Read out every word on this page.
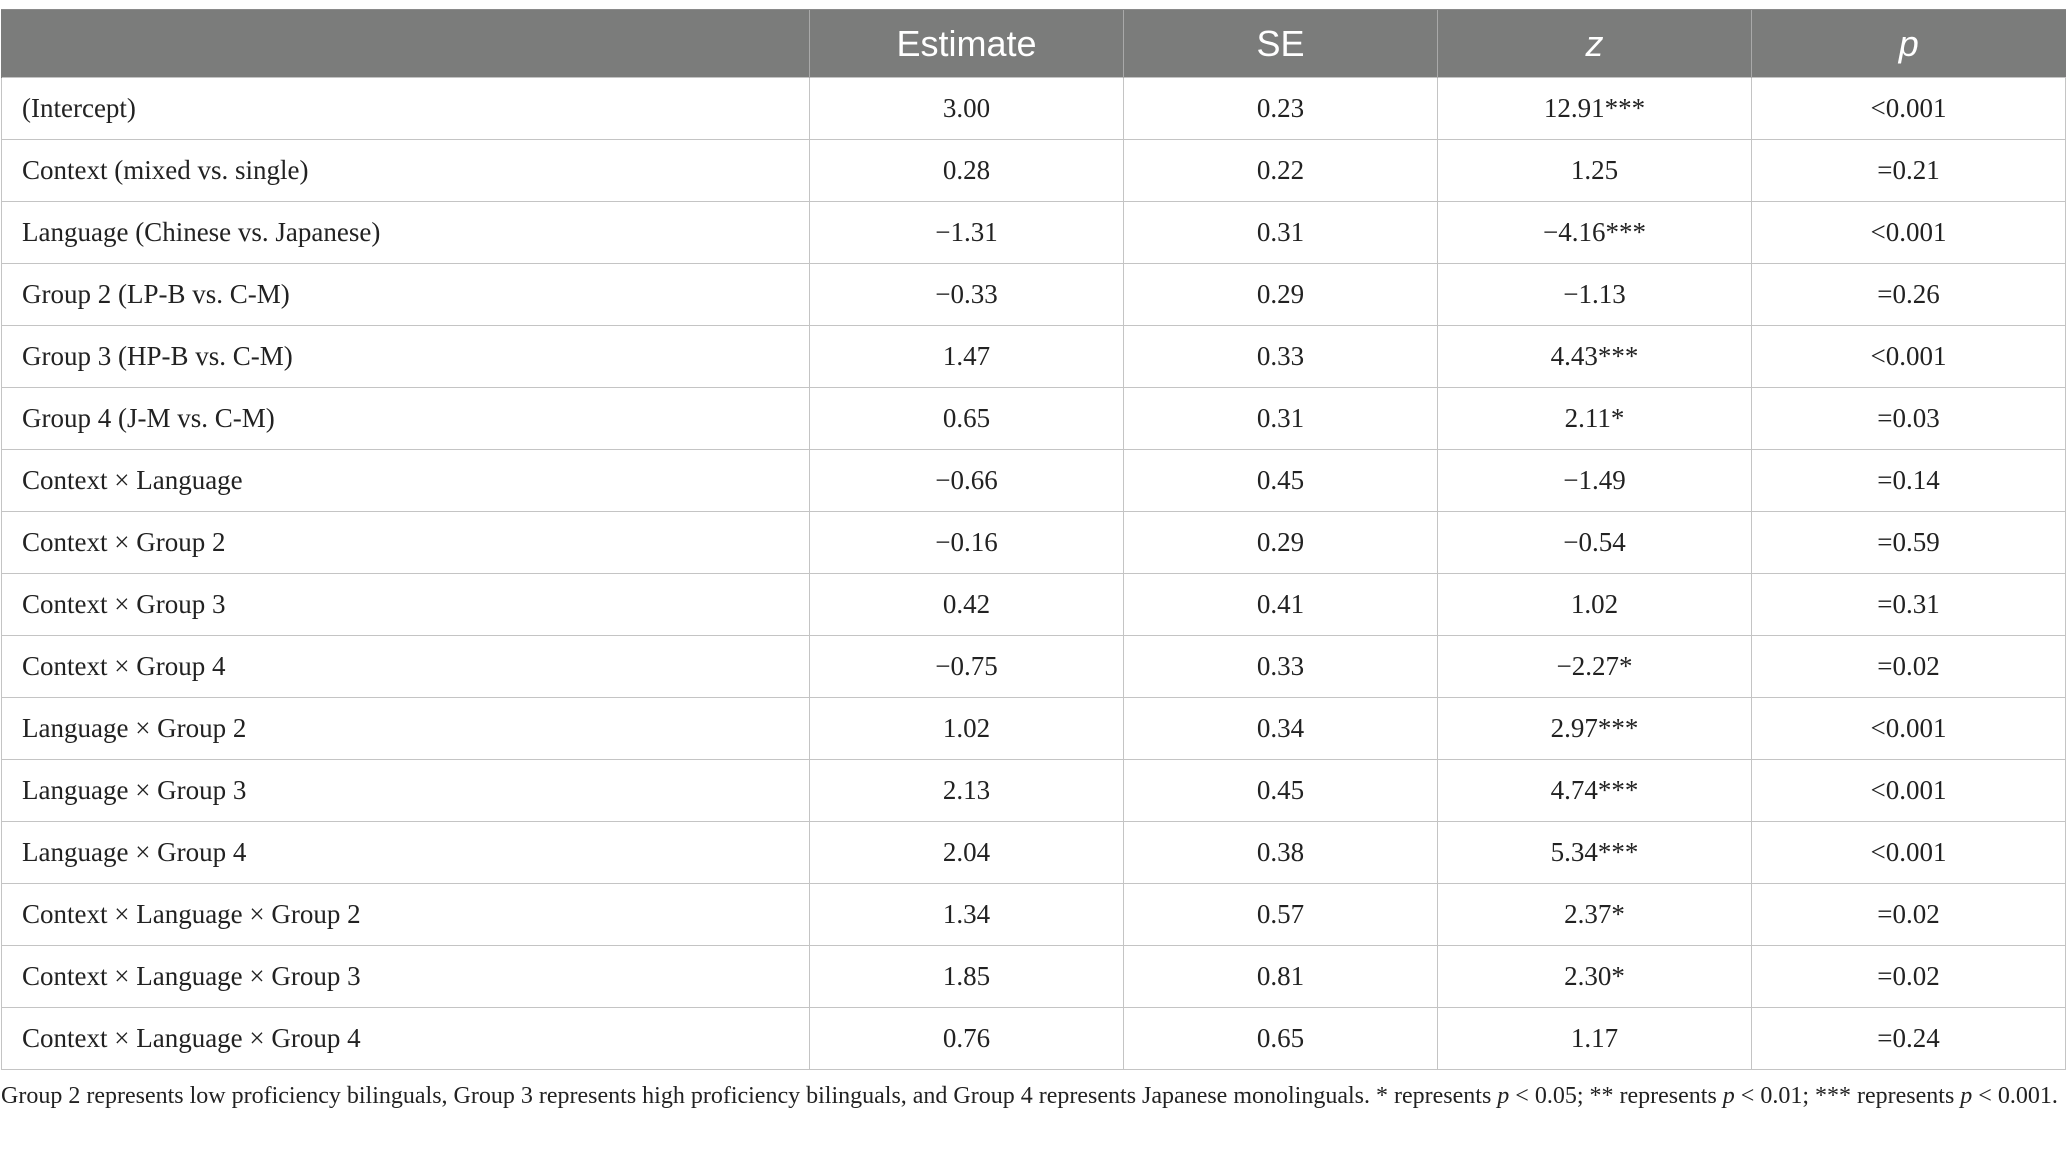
	Estimate	SE	z	p
(Intercept)	3.00	0.23	12.91***	<0.001
Context (mixed vs. single)	0.28	0.22	1.25	=0.21
Language (Chinese vs. Japanese)	−1.31	0.31	−4.16***	<0.001
Group 2 (LP-B vs. C-M)	−0.33	0.29	−1.13	=0.26
Group 3 (HP-B vs. C-M)	1.47	0.33	4.43***	<0.001
Group 4 (J-M vs. C-M)	0.65	0.31	2.11*	=0.03
Context × Language	−0.66	0.45	−1.49	=0.14
Context × Group 2	−0.16	0.29	−0.54	=0.59
Context × Group 3	0.42	0.41	1.02	=0.31
Context × Group 4	−0.75	0.33	−2.27*	=0.02
Language × Group 2	1.02	0.34	2.97***	<0.001
Language × Group 3	2.13	0.45	4.74***	<0.001
Language × Group 4	2.04	0.38	5.34***	<0.001
Context × Language × Group 2	1.34	0.57	2.37*	=0.02
Context × Language × Group 3	1.85	0.81	2.30*	=0.02
Context × Language × Group 4	0.76	0.65	1.17	=0.24

Group 2 represents low proficiency bilinguals, Group 3 represents high proficiency bilinguals, and Group 4 represents Japanese monolinguals. * represents p < 0.05; ** represents p < 0.01; *** represents p < 0.001.
